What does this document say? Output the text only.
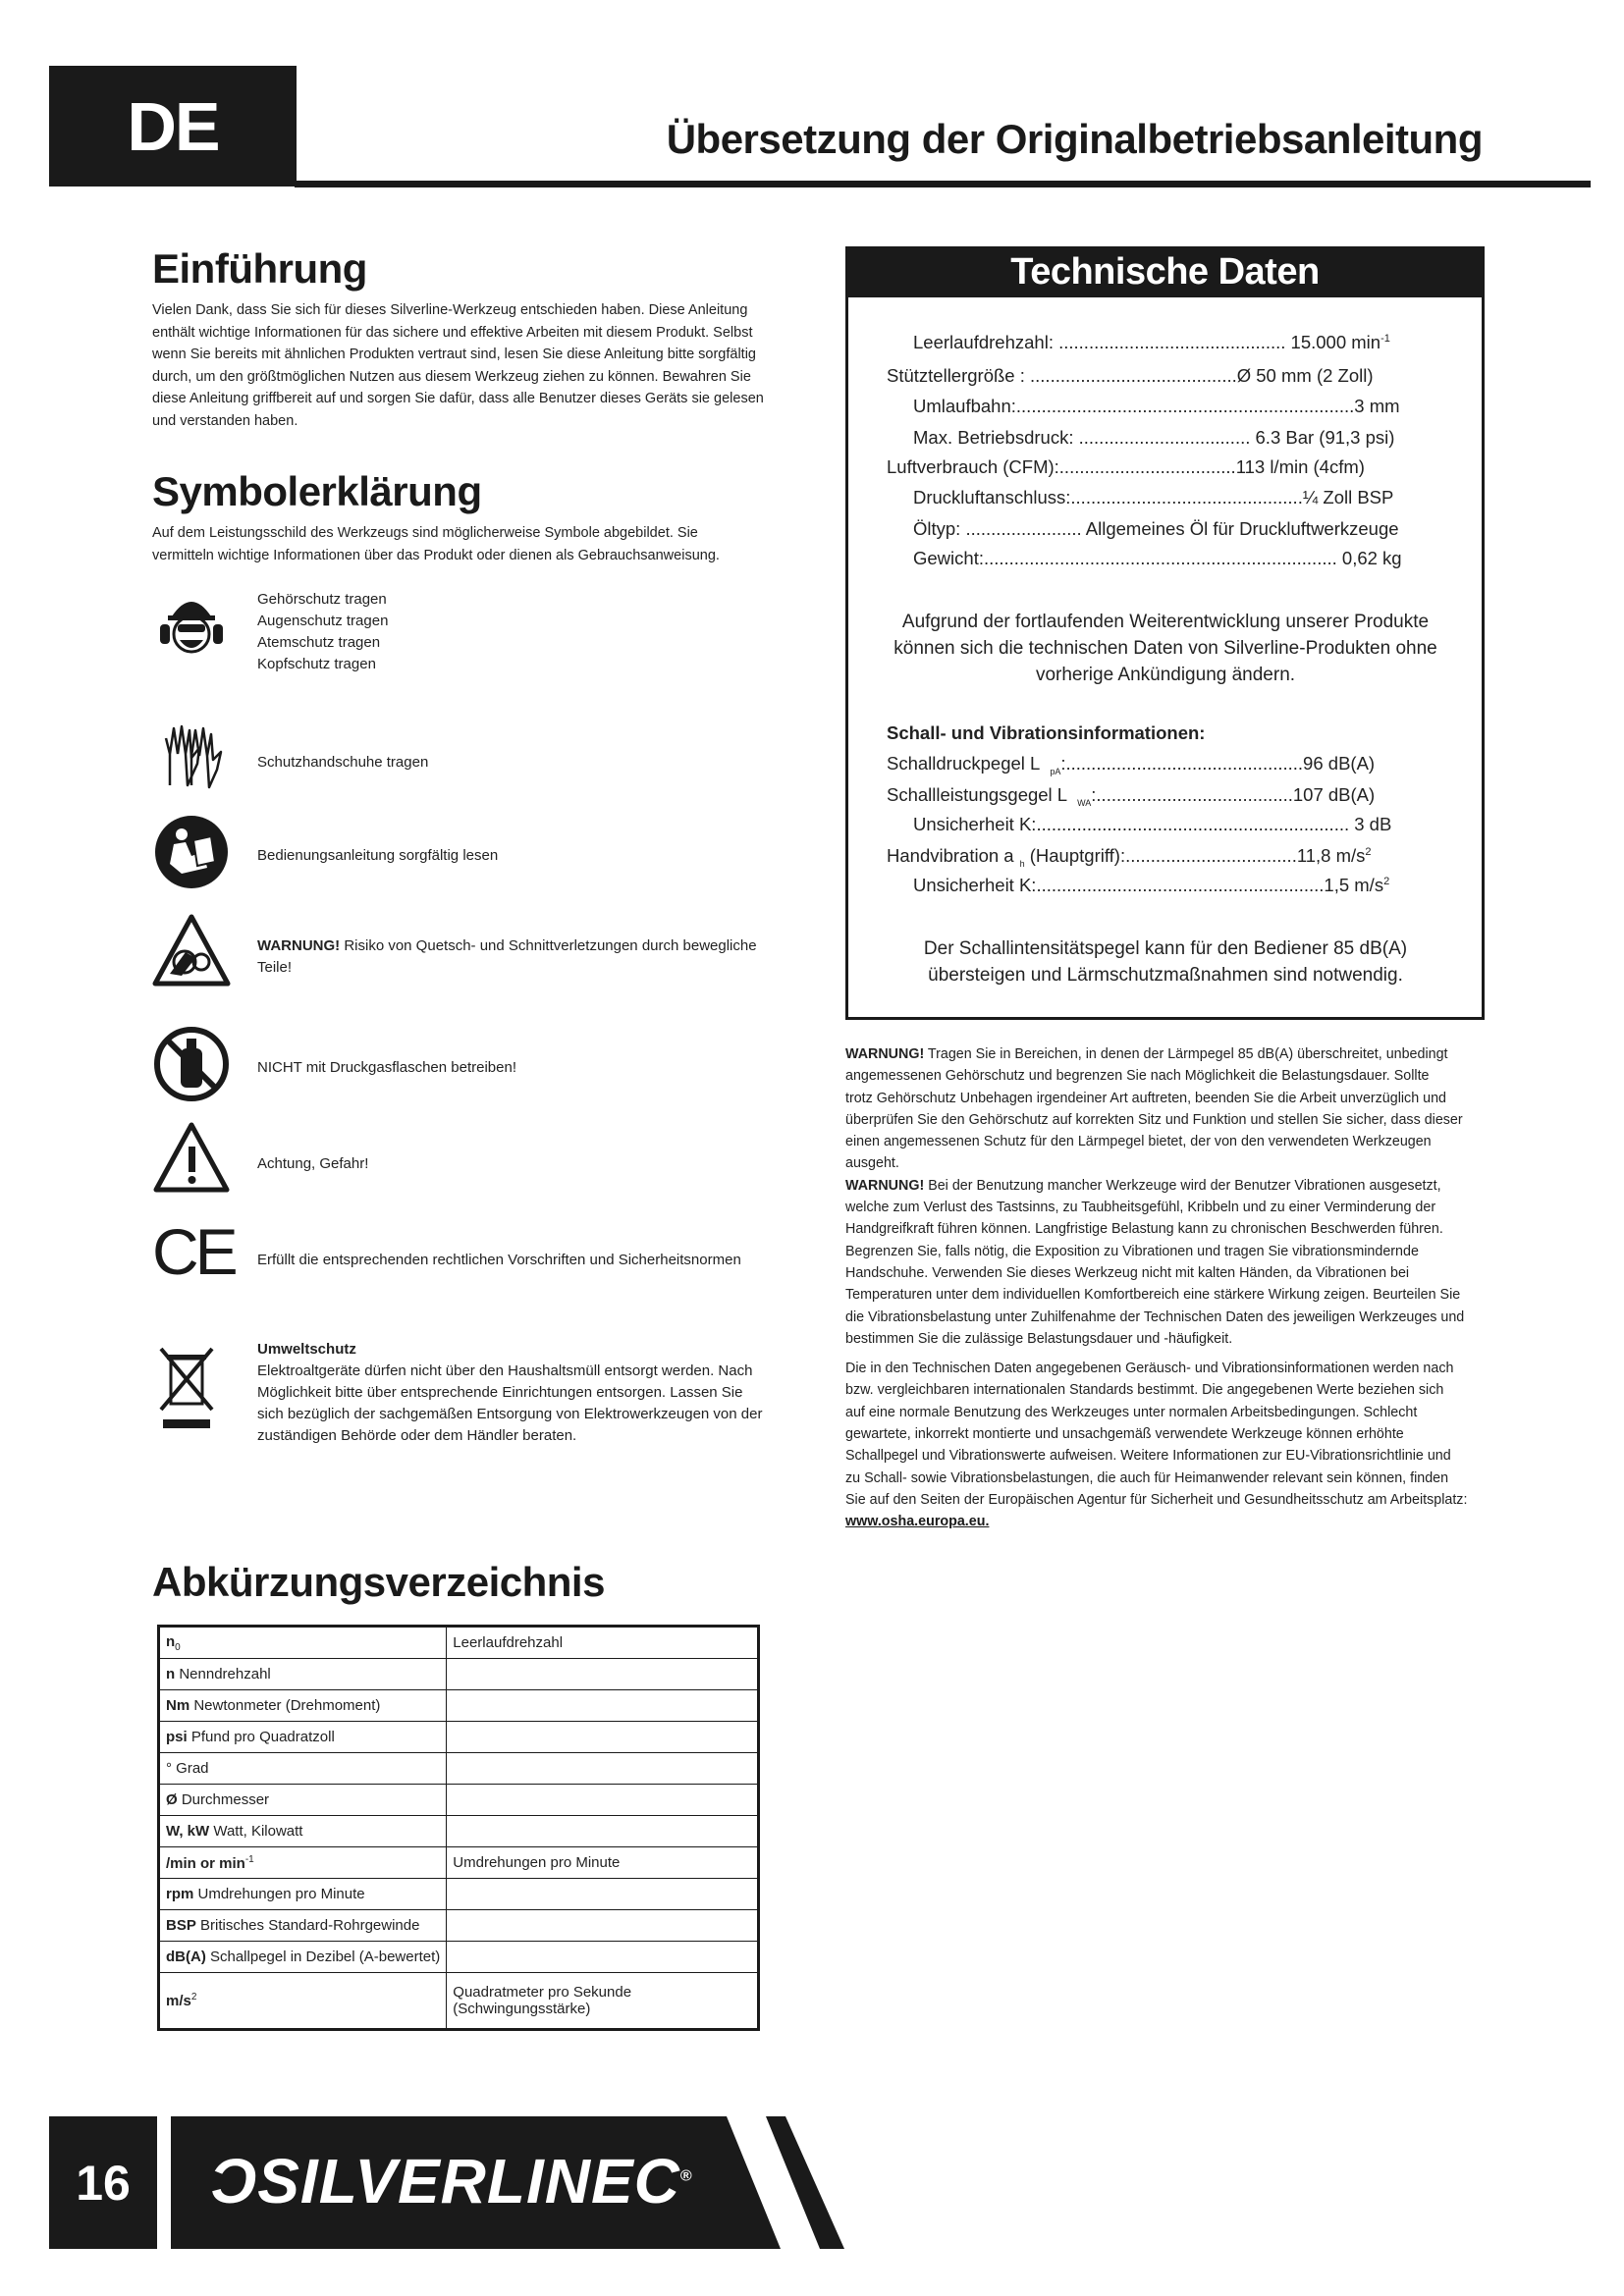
DE	Übersetzung der Originalbetriebsanleitung
Einführung
Vielen Dank, dass Sie sich für dieses Silverline-Werkzeug entschieden haben. Diese Anleitung
enthält wichtige Informationen für das sichere und effektive Arbeiten mit diesem Produkt. Selbst
wenn Sie bereits mit ähnlichen Produkten vertraut sind, lesen Sie diese Anleitung bitte sorgfältig
durch, um den größtmöglichen Nutzen aus diesem Werkzeug ziehen zu können. Bewahren Sie
diese Anleitung griffbereit auf und sorgen Sie dafür, dass alle Benutzer dieses Geräts sie gelesen
und verstanden haben.
Symbolerklärung
Auf dem Leistungsschild des Werkzeugs sind möglicherweise Symbole abgebildet. Sie
vermitteln wichtige Informationen über das Produkt oder dienen als Gebrauchsanweisung.
Gehörschutz tragen
Augenschutz tragen
Atemschutz tragen
Kopfschutz tragen
Schutzhandschuhe tragen
Bedienungsanleitung sorgfältig lesen
WARNUNG! Risiko von Quetsch- und Schnittverletzungen durch bewegliche
Teile!
NICHT mit Druckgasflaschen betreiben!
Achtung, Gefahr!
CE	Erfüllt die entsprechenden rechtlichen Vorschriften und Sicherheitsnormen
Umweltschutz
Elektroaltgeräte dürfen nicht über den Haushaltsmüll entsorgt werden. Nach
Möglichkeit bitte über entsprechende Einrichtungen entsorgen. Lassen Sie
sich bezüglich der sachgemäßen Entsorgung von Elektrowerkzeugen von der
zuständigen Behörde oder dem Händler beraten.
Abkürzungsverzeichnis
$n_0$	Leerlaufdrehzahl
n Nenndrehzahl	
Nm Newtonmeter (Drehmoment)	
psi Pfund pro Quadratzoll	
° Grad	
Ø Durchmesser	
W, kW Watt, Kilowatt	
/min or $\min^{-1}$	Umdrehungen pro Minute
rpm Umdrehungen pro Minute	
BSP Britisches Standard-Rohrgewinde	
dB(A) Schallpegel in Dezibel (A-bewertet)	
$m/s^2$	Quadratmeter pro Sekunde (Schwingungsstärke)
Technische Daten
Leerlaufdrehzahl: ............................................. 15.000 $\min^{-1}$
Stütztellergröße : .........................................Ø 50 mm (2 Zoll)
Umlaufbahn:...................................................................3 mm
Max. Betriebsdruck: .................................. 6.3 Bar (91,3 psi)
Luftverbrauch (CFM):...................................113 l/min (4cfm)
Druckluftanschluss:..............................................¼ Zoll BSP
Öltyp: ....................... Allgemeines Öl für Druckluftwerkzeuge
Gewicht:...................................................................... 0,62 kg
Aufgrund der fortlaufenden Weiterentwicklung unserer Produkte
können sich die technischen Daten von Silverline-Produkten ohne
vorherige Ankündigung ändern.
Schall- und Vibrationsinformationen:
Schalldruckpegel L $_{pA}$:...............................................96 dB(A)
Schallleistungsgegel L $_{WA}$:.......................................107 dB(A)
Unsicherheit K:.............................................................. 3 dB
Handvibration a $_h$ (Hauptgriff):..................................11,8 $m/s^2$
Unsicherheit K:.........................................................1,5 $m/s^2$
Der Schallintensitätspegel kann für den Bediener 85 dB(A)
übersteigen und Lärmschutzmaßnahmen sind notwendig.
WARNUNG! Tragen Sie in Bereichen, in denen der Lärmpegel 85 dB(A) überschreitet, unbedingt
angemessenen Gehörschutz und begrenzen Sie nach Möglichkeit die Belastungsdauer. Sollte
trotz Gehörschutz Unbehagen irgendeiner Art auftreten, beenden Sie die Arbeit unverzüglich und
überprüfen Sie den Gehörschutz auf korrekten Sitz und Funktion und stellen Sie sicher, dass dieser
einen angemessenen Schutz für den Lärmpegel bietet, der von den verwendeten Werkzeugen
ausgeht.
WARNUNG! Bei der Benutzung mancher Werkzeuge wird der Benutzer Vibrationen ausgesetzt,
welche zum Verlust des Tastsinns, zu Taubheitsgefühl, Kribbeln und zu einer Verminderung der
Handgreifkraft führen können. Langfristige Belastung kann zu chronischen Beschwerden führen.
Begrenzen Sie, falls nötig, die Exposition zu Vibrationen und tragen Sie vibrationsmindernde
Handschuhe. Verwenden Sie dieses Werkzeug nicht mit kalten Händen, da Vibrationen bei
Temperaturen unter dem individuellen Komfortbereich eine stärkere Wirkung zeigen. Beurteilen Sie
die Vibrationsbelastung unter Zuhilfenahme der Technischen Daten des jeweiligen Werkzeuges und
bestimmen Sie die zulässige Belastungsdauer und -häufigkeit.
Die in den Technischen Daten angegebenen Geräusch- und Vibrationsinformationen werden nach
bzw. vergleichbaren internationalen Standards bestimmt. Die angegebenen Werte beziehen sich
auf eine normale Benutzung des Werkzeuges unter normalen Arbeitsbedingungen. Schlecht
gewartete, inkorrekt montierte und unsachgemäß verwendete Werkzeuge können erhöhte
Schallpegel und Vibrationswerte aufweisen. Weitere Informationen zur EU-Vibrationsrichtlinie und
zu Schall- sowie Vibrationsbelastungen, die auch für Heimanwender relevant sein können, finden
Sie auf den Seiten der Europäischen Agentur für Sicherheit und Gesundheitsschutz am Arbeitsplatz:
www.osha.europa.eu.
16	ƆSILVERLINEC®
